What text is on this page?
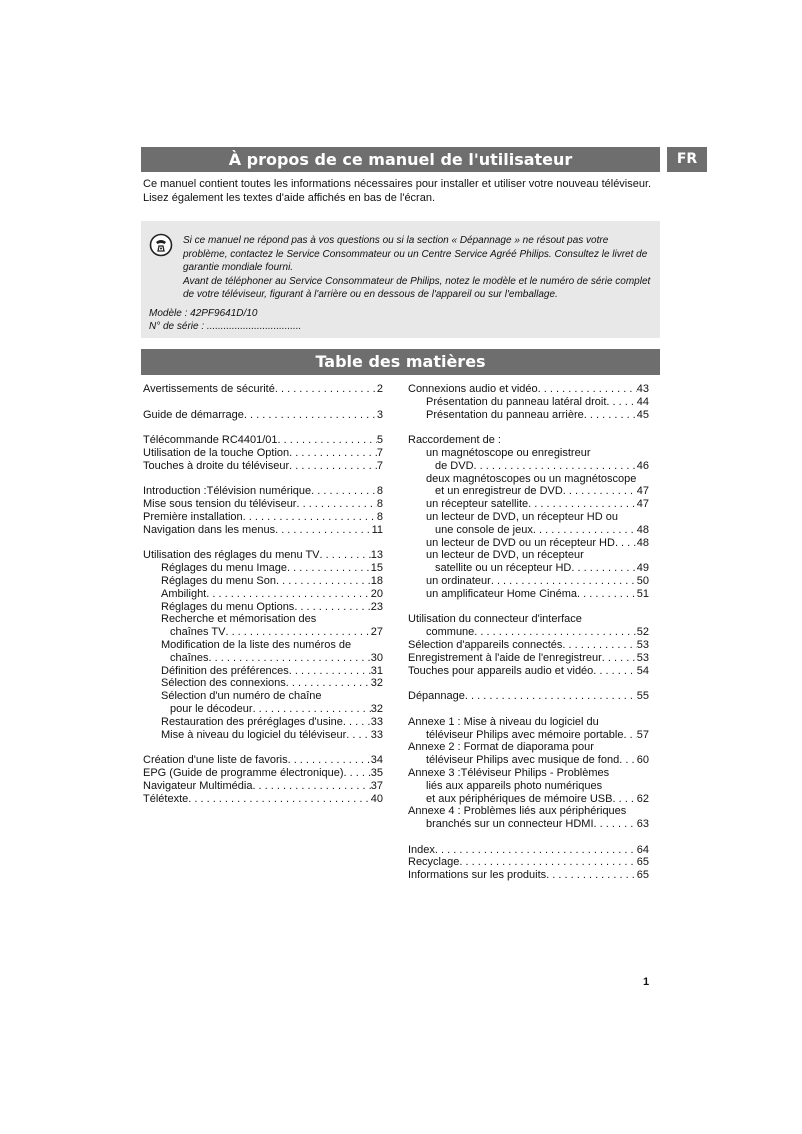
À propos de ce manuel de l'utilisateur	FR
Ce manuel contient toutes les informations nécessaires pour installer et utiliser votre nouveau téléviseur. Lisez également les textes d'aide affichés en bas de l'écran.
Si ce manuel ne répond pas à vos questions ou si la section « Dépannage » ne résout pas votre problème, contactez le Service Consommateur ou un Centre Service Agréé Philips. Consultez le livret de garantie mondiale fourni.
Avant de téléphoner au Service Consommateur de Philips, notez le modèle et le numéro de série complet de votre téléviseur, figurant à l'arrière ou en dessous de l'appareil ou sur l'emballage.
Modèle : 42PF9641D/10
N° de série : ..................................
Table des matières
Avertissements de sécurité . . .	2
Guide de démarrage . . .	3
Télécommande RC4401/01 . . .	5
Utilisation de la touche Option . . .	7
Touches à droite du téléviseur . . .	7
Introduction :Télévision numérique . . .	8
Mise sous tension du téléviseur . . .	8
Première installation . . .	8
Navigation dans les menus . . .	11
Utilisation des réglages du menu TV . . .	13
Réglages du menu Image . . .	15
Réglages du menu Son . . .	18
Ambilight . . .	20
Réglages du menu Options . . .	23
Recherche et mémorisation des
chaînes TV . . .	27
Modification de la liste des numéros de
chaînes . . .	30
Définition des préférences . . .	31
Sélection des connexions . . .	32
Sélection d'un numéro de chaîne
pour le décodeur . . .	32
Restauration des préréglages d'usine . . .	33
Mise à niveau du logiciel du téléviseur . . . 33
Création d'une liste de favoris . . .	34
EPG (Guide de programme électronique) . . . 35
Navigateur Multimédia . . .	37
Télétexte . . .	40
Connexions audio et vidéo . . .	43
Présentation du panneau latéral droit . . .	44
Présentation du panneau arrière . . .	45
Raccordement de :
un magnétoscope ou enregistreur
de DVD . . .	46
deux magnétoscopes ou un magnétoscope
et un enregistreur de DVD . . .	47
un récepteur satellite . . .	47
un lecteur de DVD, un récepteur HD ou
une console de jeux . . .	48
un lecteur de DVD ou un récepteur HD . . . 48
un lecteur de DVD, un récepteur
satellite ou un récepteur HD . . .	49
un ordinateur . . .	50
un amplificateur Home Cinéma . . .	51
Utilisation du connecteur d'interface
commune . . .	52
Sélection d'appareils connectés . . .	53
Enregistrement à l'aide de l'enregistreur . . .	53
Touches pour appareils audio et vidéo . . .	54
Dépannage . . .	55
Annexe 1 : Mise à niveau du logiciel du
téléviseur Philips avec mémoire portable . . . 57
Annexe 2 : Format de diaporama pour
téléviseur Philips avec musique de fond . . . 60
Annexe 3 :Téléviseur Philips - Problèmes
liés aux appareils photo numériques
et aux périphériques de mémoire USB . . . 62
Annexe 4 : Problèmes liés aux périphériques
branchés sur un connecteur HDMI . . .	63
Index . . .	64
Recyclage . . .	65
Informations sur les produits . . .	65
1
